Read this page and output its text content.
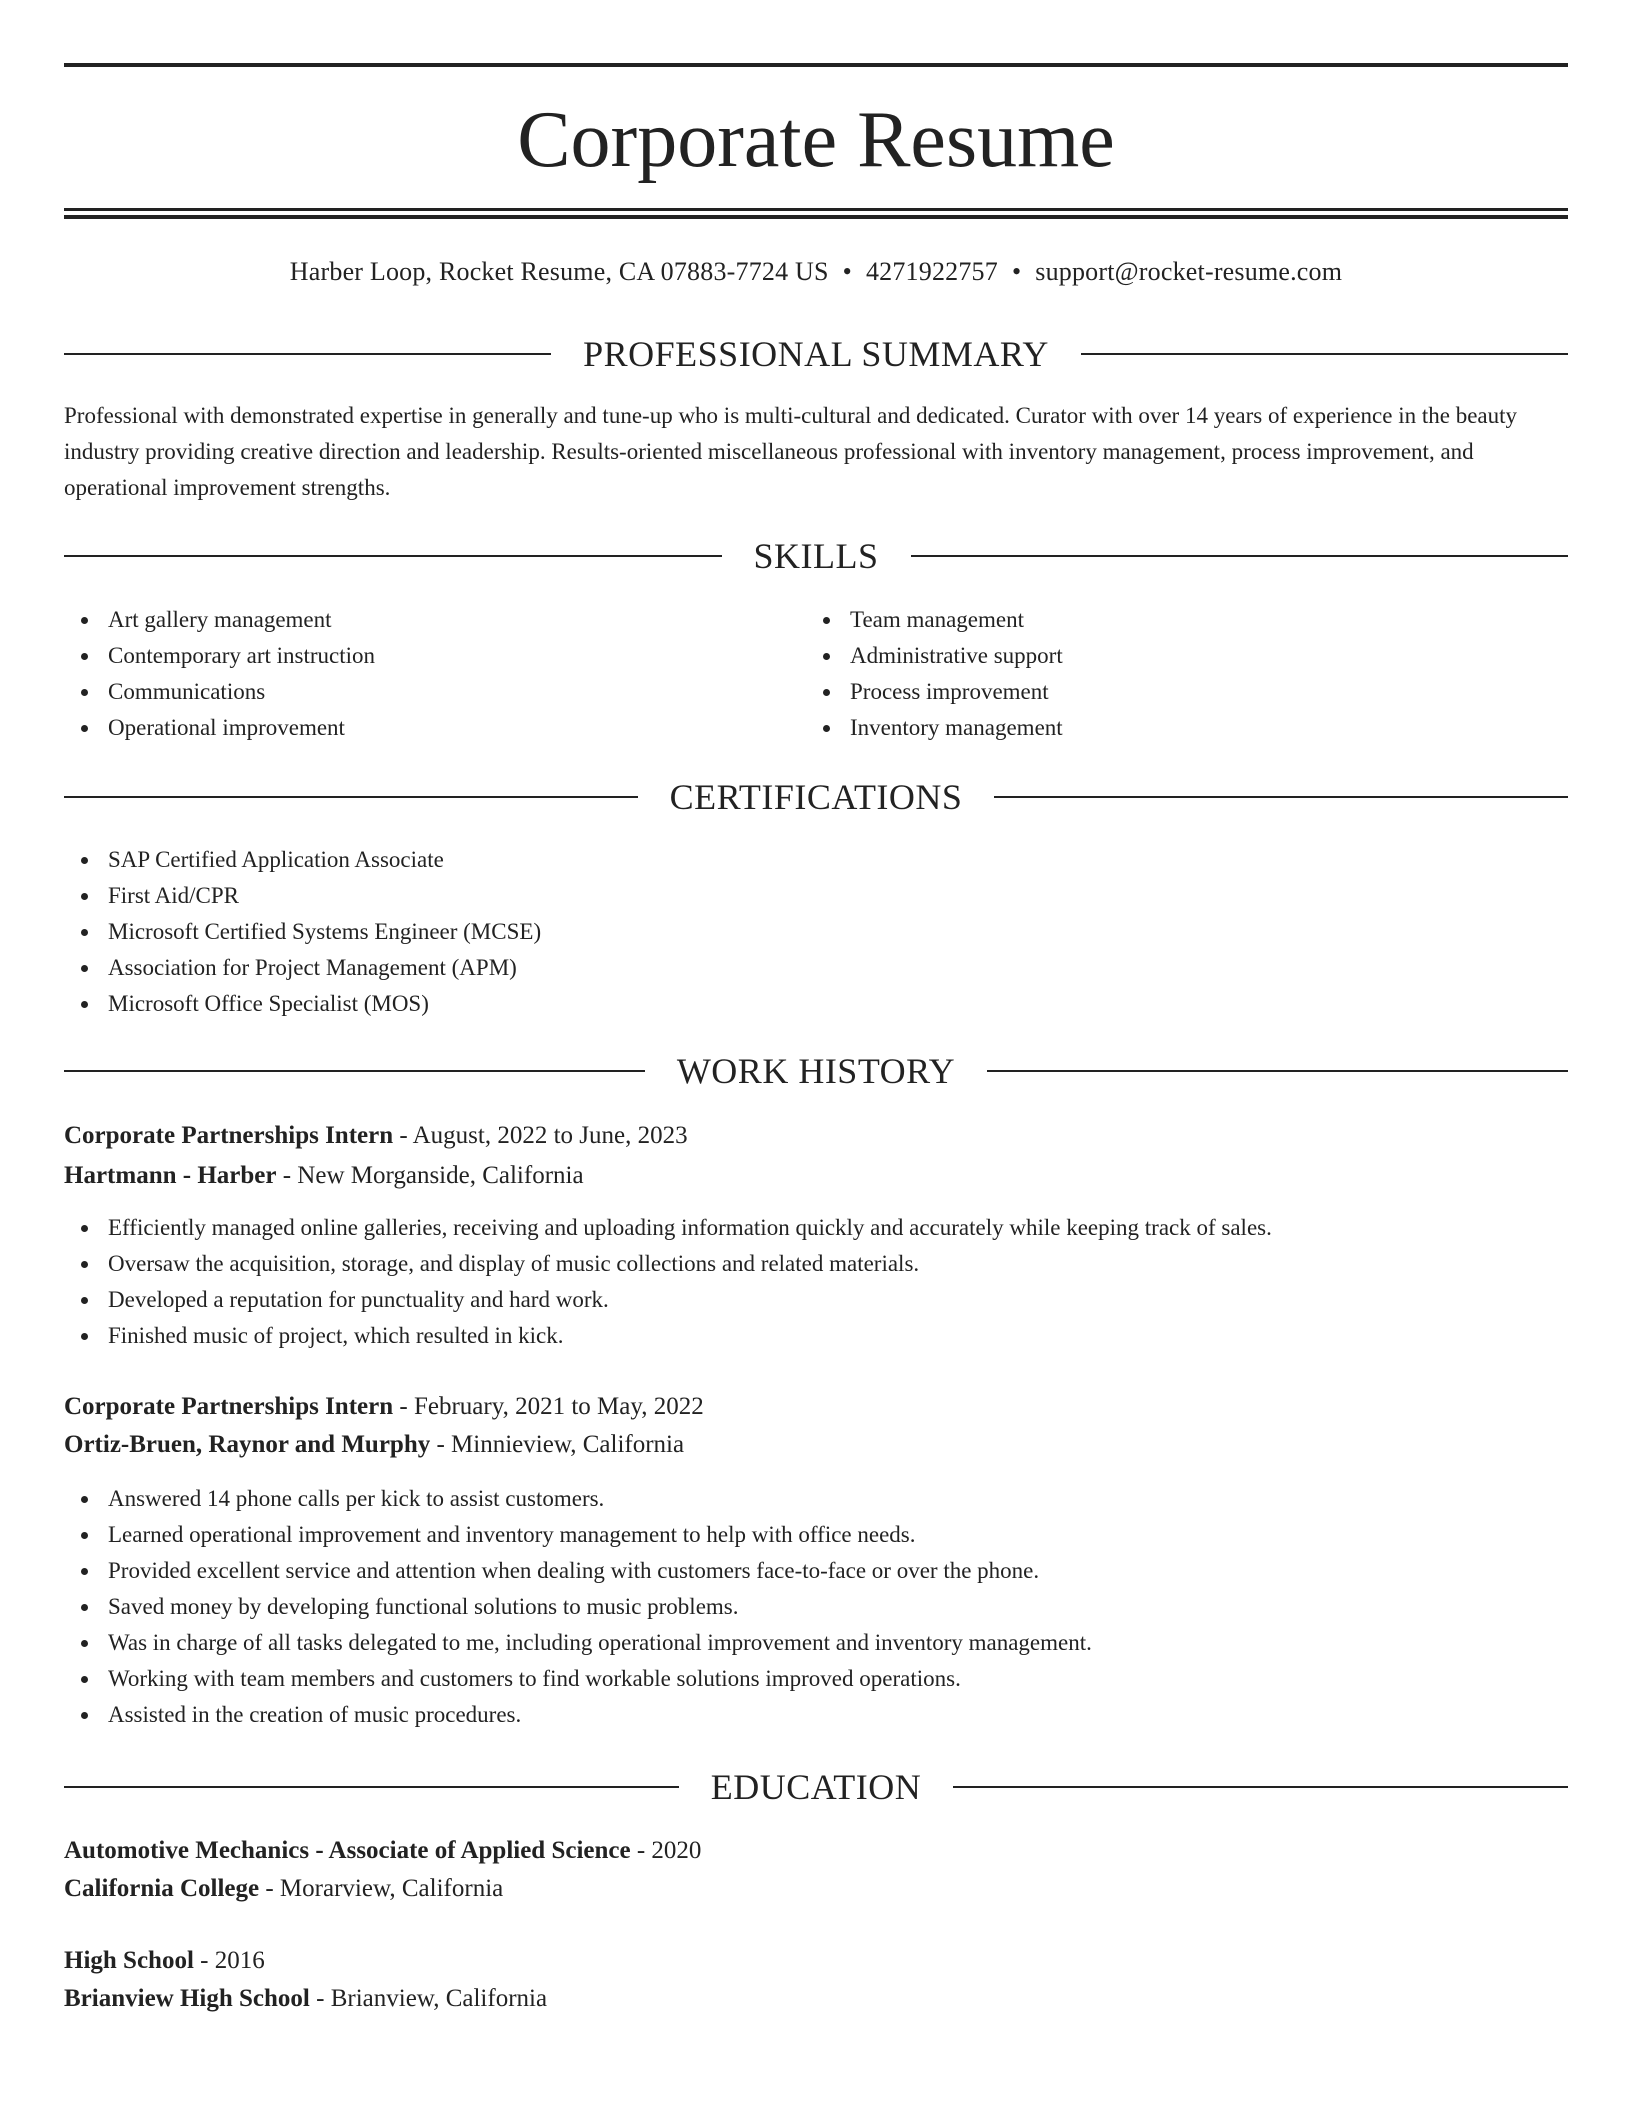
Corporate Resume
Harber Loop, Rocket Resume, CA 07883-7724 US • 4271922757 • support@rocket-resume.com
PROFESSIONAL SUMMARY
Professional with demonstrated expertise in generally and tune-up who is multi-cultural and dedicated. Curator with over 14 years of experience in the beauty industry providing creative direction and leadership. Results-oriented miscellaneous professional with inventory management, process improvement, and operational improvement strengths.
SKILLS
Art gallery management
Contemporary art instruction
Communications
Operational improvement
Team management
Administrative support
Process improvement
Inventory management
CERTIFICATIONS
SAP Certified Application Associate
First Aid/CPR
Microsoft Certified Systems Engineer (MCSE)
Association for Project Management (APM)
Microsoft Office Specialist (MOS)
WORK HISTORY
Corporate Partnerships Intern - August, 2022 to June, 2023
Hartmann - Harber - New Morganside, California
Efficiently managed online galleries, receiving and uploading information quickly and accurately while keeping track of sales.
Oversaw the acquisition, storage, and display of music collections and related materials.
Developed a reputation for punctuality and hard work.
Finished music of project, which resulted in kick.
Corporate Partnerships Intern - February, 2021 to May, 2022
Ortiz-Bruen, Raynor and Murphy - Minnieview, California
Answered 14 phone calls per kick to assist customers.
Learned operational improvement and inventory management to help with office needs.
Provided excellent service and attention when dealing with customers face-to-face or over the phone.
Saved money by developing functional solutions to music problems.
Was in charge of all tasks delegated to me, including operational improvement and inventory management.
Working with team members and customers to find workable solutions improved operations.
Assisted in the creation of music procedures.
EDUCATION
Automotive Mechanics - Associate of Applied Science - 2020
California College - Morarview, California
High School - 2016
Brianview High School - Brianview, California
